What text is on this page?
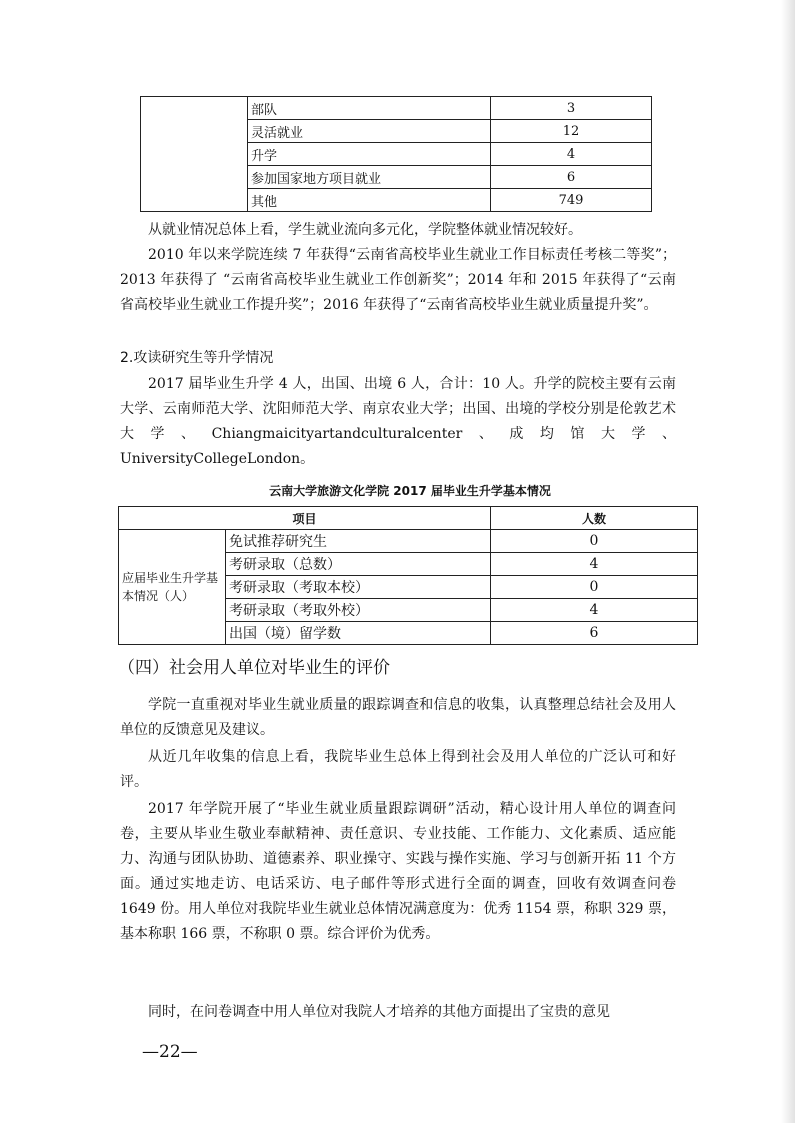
	部队	3
	灵活就业	12
	升学	4
	参加国家地方项目就业	6
	其他	749

从就业情况总体上看，学生就业流向多元化，学院整体就业情况较好。

2010 年以来学院连续 7 年获得“云南省高校毕业生就业工作目标责任考核二等奖”；2013 年获得了 “云南省高校毕业生就业工作创新奖”；2014 年和 2015 年获得了“云南省高校毕业生就业工作提升奖”；2016 年获得了“云南省高校毕业生就业质量提升奖”。

2.攻读研究生等升学情况

2017 届毕业生升学 4 人，出国、出境 6 人，合计：10 人。升学的院校主要有云南大学、云南师范大学、沈阳师范大学、南京农业大学；出国、出境的学校分别是伦敦艺术大学、Chiangmaicityartandculturalcenter、成均馆大学、UniversityCollegeLondon。

云南大学旅游文化学院 2017 届毕业生升学基本情况

项目		人数
应届毕业生升学基本情况（人）	免试推荐研究生	0
	考研录取（总数）	4
	考研录取（考取本校）	0
	考研录取（考取外校）	4
	出国（境）留学数	6

（四）社会用人单位对毕业生的评价

学院一直重视对毕业生就业质量的跟踪调查和信息的收集，认真整理总结社会及用人单位的反馈意见及建议。

从近几年收集的信息上看，我院毕业生总体上得到社会及用人单位的广泛认可和好评。

2017 年学院开展了“毕业生就业质量跟踪调研”活动，精心设计用人单位的调查问卷，主要从毕业生敬业奉献精神、责任意识、专业技能、工作能力、文化素质、适应能力、沟通与团队协助、道德素养、职业操守、实践与操作实施、学习与创新开拓 11 个方面。通过实地走访、电话采访、电子邮件等形式进行全面的调查，回收有效调查问卷 1649 份。用人单位对我院毕业生就业总体情况满意度为：优秀 1154 票，称职 329 票，基本称职 166 票，不称职 0 票。综合评价为优秀。

同时，在问卷调查中用人单位对我院人才培养的其他方面提出了宝贵的意见

—22—
